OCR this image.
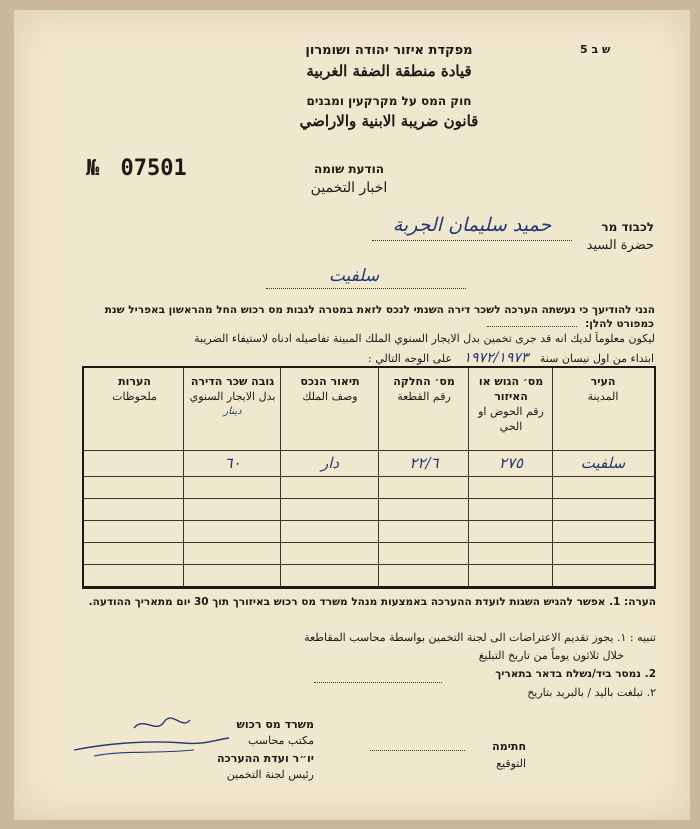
ש ב 5
מפקדת איזור יהודה ושומרון
قيادة منطقة الضفة الغربية
חוק המס על מקרקעין ומבנים
قانون ضريبة الابنية والاراضي
№ 07501	הודעת שומה
اخبار التخمين
לכבוד מר
حضرة السيد
حميد سليمان الجربة
سلفيت
הנני להודיעך כי נעשתה הערכה לשכר דירה השנתי לנכס לזאת במטרה לגבות מס רכוש החל מהראשון באפריל שנת
כמפורט להלן:
ليكون معلوماً لديك انه قد جرى تخمين بدل الايجار السنوي الملك المبينة تفاصيله ادناه لاستيفاء الضريبة
ابتداء من اول نيسان سنة ١٩٧٢/١٩٧٣ على الوجه التالي :
העיר
المدينة
מס׳ הגוש או האיזור
رقم الحوض او الحي
מס׳ החלקה
رقم القطعة
תיאור הנכס
وصف الملك
גובה שכר הדירה
بدل الايجار السنوي
دينار
הערות
ملحوظات
سلفيت
٢٧٥
٢٢/٦
دار
٦٠
הערה: 1. אפשר להגיש השגות לועדת ההערכה באמצעות מנהל משרד מס רכוש באיזורך תוך 30 יום מתאריך ההודעה.
تنبيه : ١. يجوز تقديم الاعتراضات الى لجنة التخمين بواسطة محاسب المقاطعة
خلال ثلاثون يوماً من تاريخ التبليغ
2. נמסר ביד/נשלח בדאר בתאריך
٢. تبلغت باليد / بالبريد بتاريخ
משרד מס רכוש
مكتب محاسب
יו״ר ועדת ההערכה
رئيس لجنة التخمين
חתימה
التوقيع
